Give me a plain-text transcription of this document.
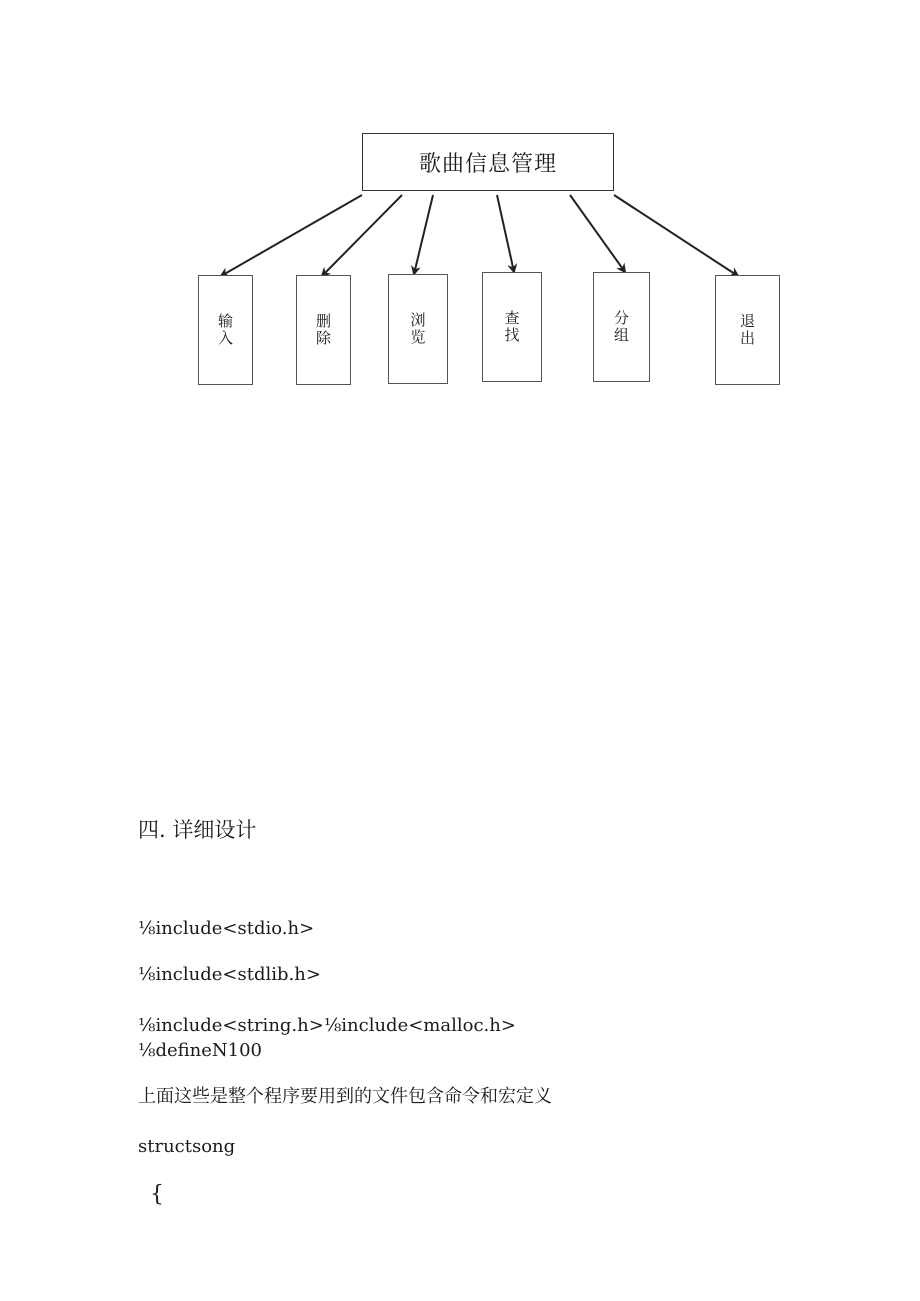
歌曲信息管理
输入	删除	浏览	查找	分组	退出
四. 详细设计
⅛include<stdio.h>
⅛include<stdlib.h>
⅛include<string.h>⅛include<malloc.h>
⅛defineN100
上面这些是整个程序要用到的文件包含命令和宏定义
structsong
{
